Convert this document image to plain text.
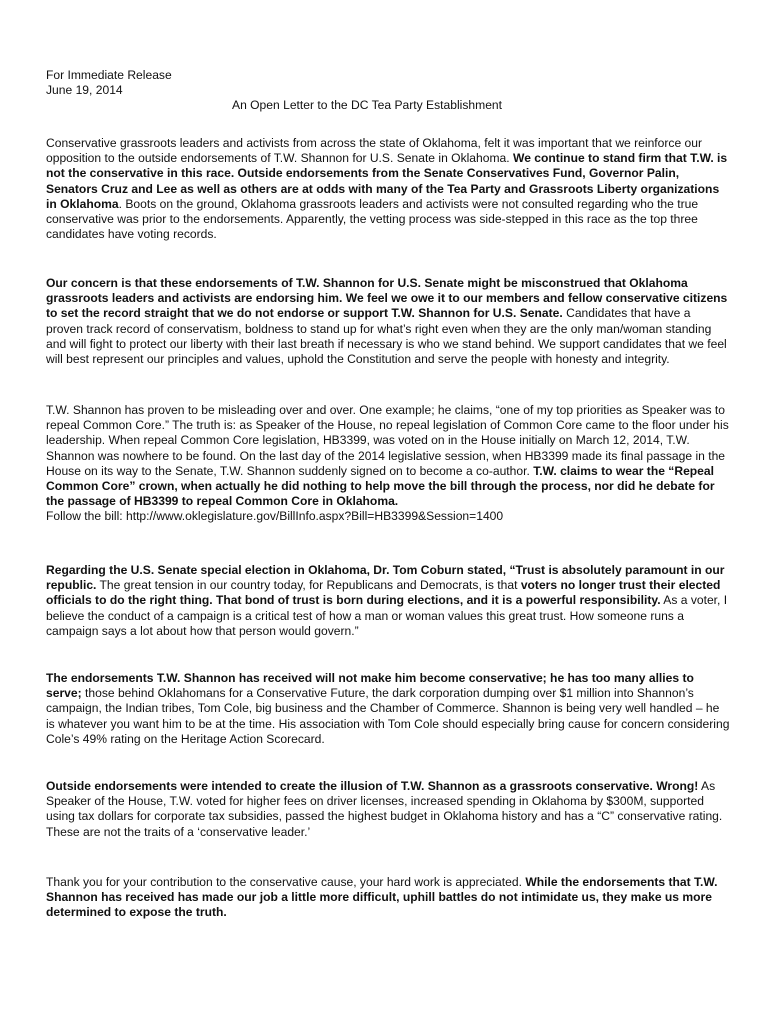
For Immediate Release

June 19, 2014

An Open Letter to the DC Tea Party Establishment

Conservative grassroots leaders and activists from across the state of Oklahoma, felt it was important that we reinforce our opposition to the outside endorsements of T.W. Shannon for U.S. Senate in Oklahoma. We continue to stand firm that T.W. is not the conservative in this race. Outside endorsements from the Senate Conservatives Fund, Governor Palin, Senators Cruz and Lee as well as others are at odds with many of the Tea Party and Grassroots Liberty organizations in Oklahoma. Boots on the ground, Oklahoma grassroots leaders and activists were not consulted regarding who the true conservative was prior to the endorsements. Apparently, the vetting process was side-stepped in this race as the top three candidates have voting records.

Our concern is that these endorsements of T.W. Shannon for U.S. Senate might be misconstrued that Oklahoma grassroots leaders and activists are endorsing him. We feel we owe it to our members and fellow conservative citizens to set the record straight that we do not endorse or support T.W. Shannon for U.S. Senate. Candidates that have a proven track record of conservatism, boldness to stand up for what’s right even when they are the only man/woman standing and will fight to protect our liberty with their last breath if necessary is who we stand behind. We support candidates that we feel will best represent our principles and values, uphold the Constitution and serve the people with honesty and integrity.

T.W. Shannon has proven to be misleading over and over. One example; he claims, “one of my top priorities as Speaker was to repeal Common Core.” The truth is: as Speaker of the House, no repeal legislation of Common Core came to the floor under his leadership. When repeal Common Core legislation, HB3399, was voted on in the House initially on March 12, 2014, T.W. Shannon was nowhere to be found. On the last day of the 2014 legislative session, when HB3399 made its final passage in the House on its way to the Senate, T.W. Shannon suddenly signed on to become a co-author. T.W. claims to wear the “Repeal Common Core” crown, when actually he did nothing to help move the bill through the process, nor did he debate for the passage of HB3399 to repeal Common Core in Oklahoma.

Follow the bill: http://www.oklegislature.gov/BillInfo.aspx?Bill=HB3399&Session=1400

Regarding the U.S. Senate special election in Oklahoma, Dr. Tom Coburn stated, “Trust is absolutely paramount in our republic. The great tension in our country today, for Republicans and Democrats, is that voters no longer trust their elected officials to do the right thing. That bond of trust is born during elections, and it is a powerful responsibility. As a voter, I believe the conduct of a campaign is a critical test of how a man or woman values this great trust. How someone runs a campaign says a lot about how that person would govern.”

The endorsements T.W. Shannon has received will not make him become conservative; he has too many allies to serve; those behind Oklahomans for a Conservative Future, the dark corporation dumping over $1 million into Shannon’s campaign, the Indian tribes, Tom Cole, big business and the Chamber of Commerce. Shannon is being very well handled – he is whatever you want him to be at the time. His association with Tom Cole should especially bring cause for concern considering Cole’s 49% rating on the Heritage Action Scorecard.

Outside endorsements were intended to create the illusion of T.W. Shannon as a grassroots conservative. Wrong! As Speaker of the House, T.W. voted for higher fees on driver licenses, increased spending in Oklahoma by $300M, supported using tax dollars for corporate tax subsidies, passed the highest budget in Oklahoma history and has a “C” conservative rating. These are not the traits of a ‘conservative leader.’

Thank you for your contribution to the conservative cause, your hard work is appreciated. While the endorsements that T.W. Shannon has received has made our job a little more difficult, uphill battles do not intimidate us, they make us more determined to expose the truth.
